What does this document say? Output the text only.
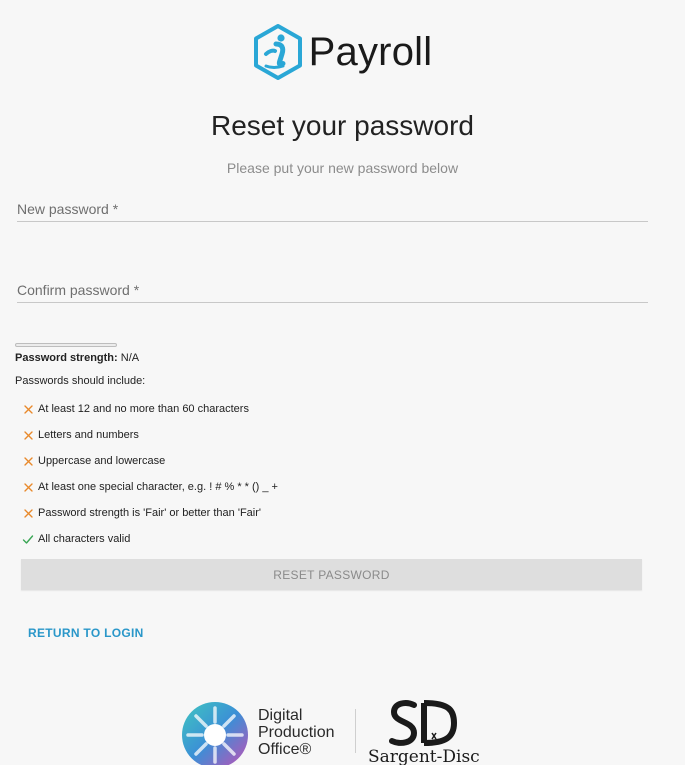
Payroll
Reset your password
Please put your new password below
New password *
Confirm password *
Password strength: N/A
Passwords should include:
At least 12 and no more than 60 characters
Letters and numbers
Uppercase and lowercase
At least one special character, e.g. ! # % * * () _ +
Password strength is 'Fair' or better than 'Fair'
All characters valid
RESET PASSWORD
RETURN TO LOGIN
Digital
Production
Office®	Sargent-Disc
